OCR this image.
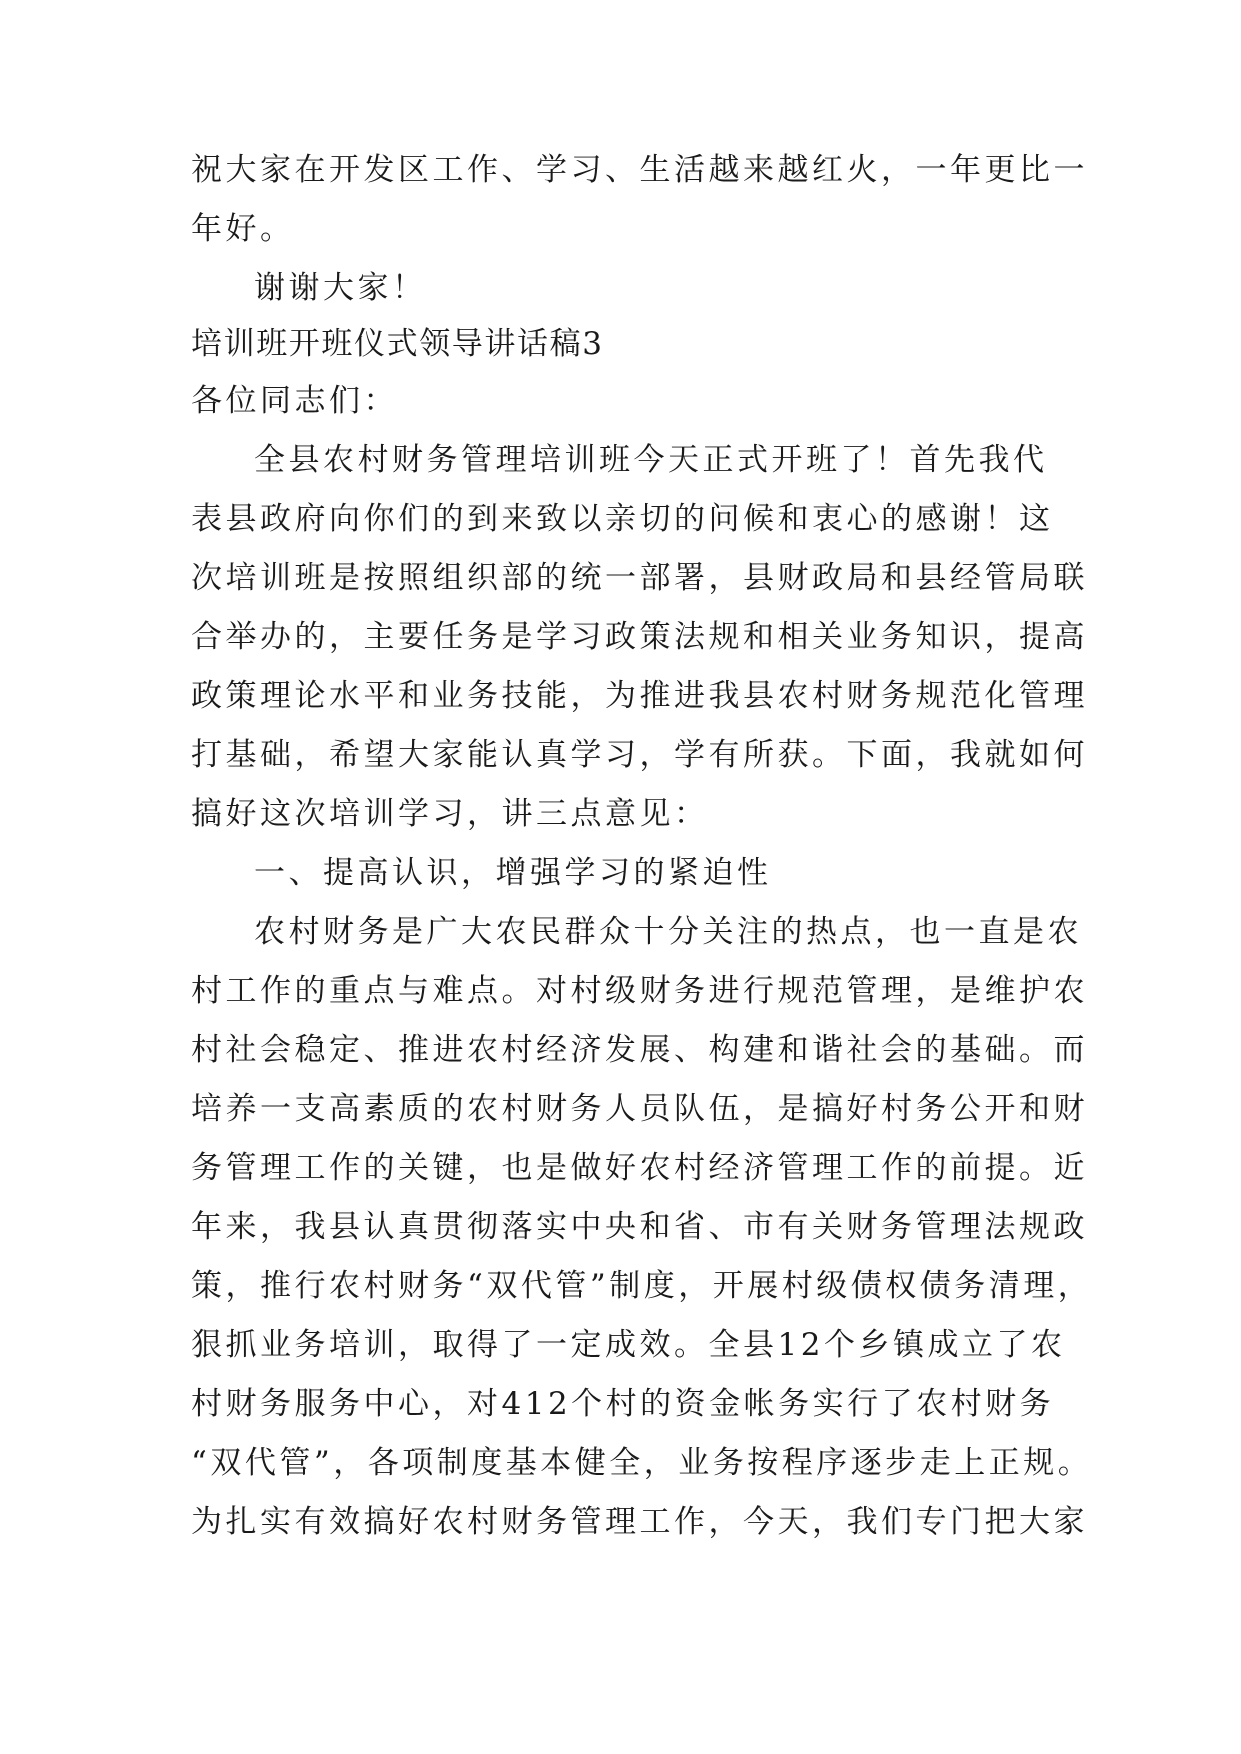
祝大家在开发区工作、学习、生活越来越红火，一年更比一

年好。

谢谢大家！

培训班开班仪式领导讲话稿3

各位同志们：

全县农村财务管理培训班今天正式开班了！首先我代

表县政府向你们的到来致以亲切的问候和衷心的感谢！这

次培训班是按照组织部的统一部署，县财政局和县经管局联

合举办的，主要任务是学习政策法规和相关业务知识，提高

政策理论水平和业务技能，为推进我县农村财务规范化管理

打基础，希望大家能认真学习，学有所获。下面，我就如何

搞好这次培训学习，讲三点意见：

一、提高认识，增强学习的紧迫性

农村财务是广大农民群众十分关注的热点，也一直是农

村工作的重点与难点。对村级财务进行规范管理，是维护农

村社会稳定、推进农村经济发展、构建和谐社会的基础。而

培养一支高素质的农村财务人员队伍，是搞好村务公开和财

务管理工作的关键，也是做好农村经济管理工作的前提。近

年来，我县认真贯彻落实中央和省、市有关财务管理法规政

策，推行农村财务“双代管”制度，开展村级债权债务清理，

狠抓业务培训，取得了一定成效。全县12个乡镇成立了农

村财务服务中心，对412个村的资金帐务实行了农村财务

“双代管”，各项制度基本健全，业务按程序逐步走上正规。

为扎实有效搞好农村财务管理工作，今天，我们专门把大家
